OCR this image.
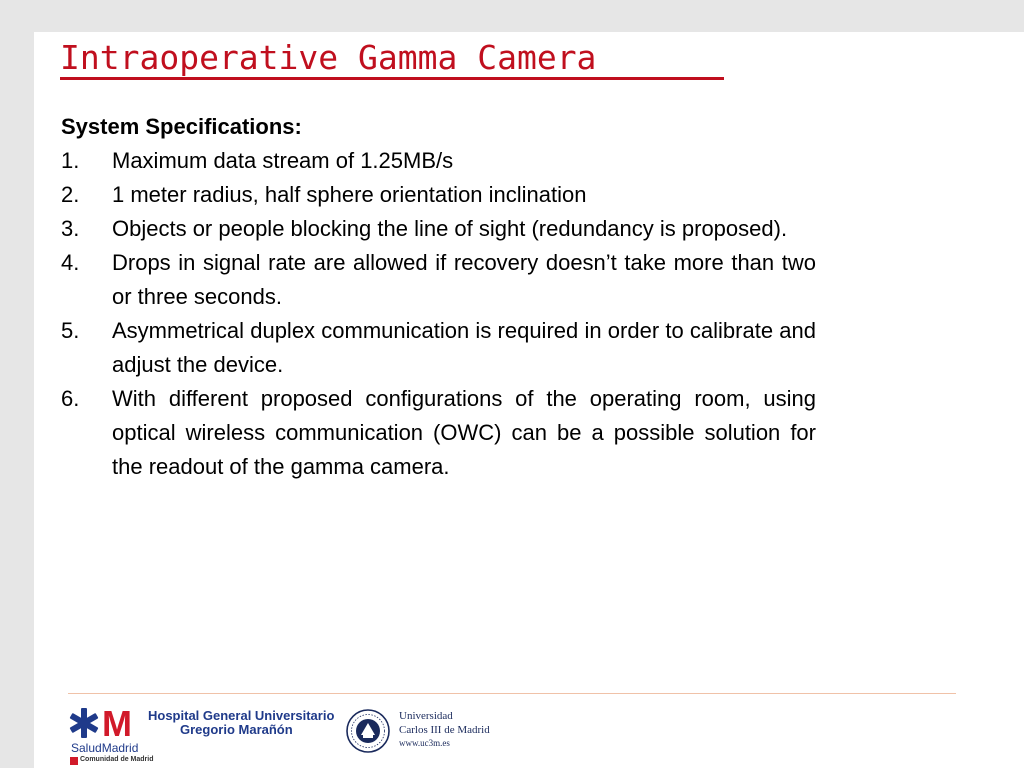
Intraoperative Gamma Camera

System Specifications:

1.	Maximum data stream of 1.25MB/s
2.	1 meter radius, half sphere orientation inclination
3.	Objects or people blocking the line of sight (redundancy is proposed).
4.	Drops in signal rate are allowed if recovery doesn’t take more than two or three seconds.
5.	Asymmetrical duplex communication is required in order to calibrate and adjust the device.
6.	With different proposed configurations of the operating room, using optical wireless communication (OWC) can be a possible solution for the readout of the gamma camera.
M Hospital General Universitario
Gregorio Marañón
SaludMadrid
Comunidad de Madrid
Universidad
Carlos III de Madrid
www.uc3m.es
